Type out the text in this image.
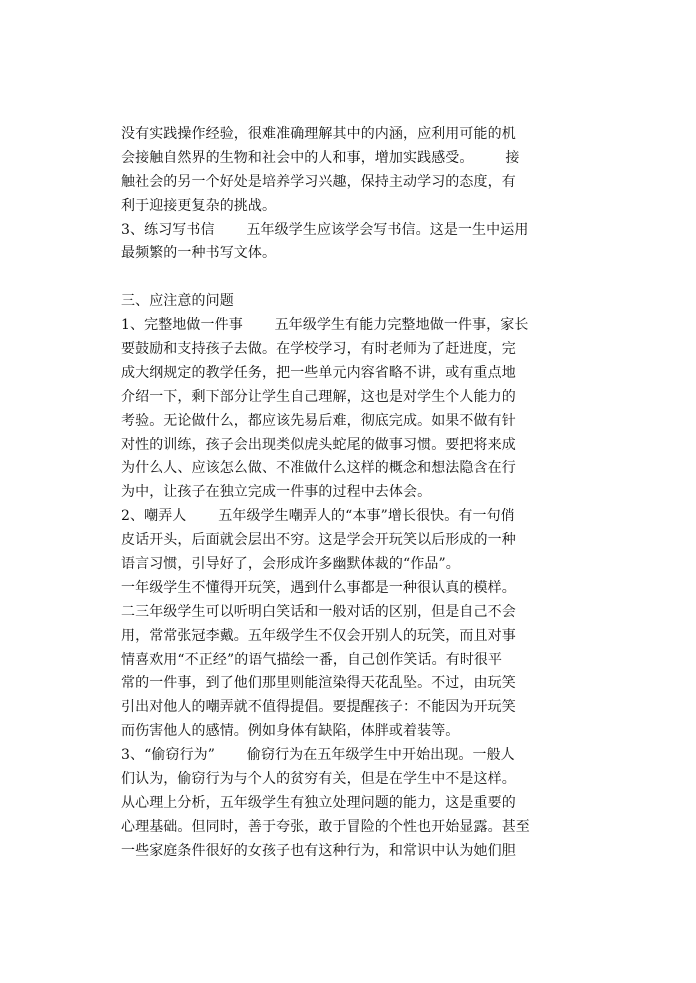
没有实践操作经验，很难准确理解其中的内涵，应利用可能的机
会接触自然界的生物和社会中的人和事，增加实践感受。       接
触社会的另一个好处是培养学习兴趣，保持主动学习的态度，有
利于迎接更复杂的挑战。
3、练习写书信       五年级学生应该学会写书信。这是一生中运用
最频繁的一种书写文体。
三、应注意的问题
1、完整地做一件事       五年级学生有能力完整地做一件事，家长
要鼓励和支持孩子去做。在学校学习，有时老师为了赶进度，完
成大纲规定的教学任务，把一些单元内容省略不讲，或有重点地
介绍一下，剩下部分让学生自己理解，这也是对学生个人能力的
考验。无论做什么，都应该先易后难，彻底完成。如果不做有针
对性的训练，孩子会出现类似虎头蛇尾的做事习惯。要把将来成
为什么人、应该怎么做、不准做什么这样的概念和想法隐含在行
为中，让孩子在独立完成一件事的过程中去体会。
2、嘲弄人       五年级学生嘲弄人的“本事”增长很快。有一句俏
皮话开头，后面就会层出不穷。这是学会开玩笑以后形成的一种
语言习惯，引导好了，会形成许多幽默体裁的“作品”。
一年级学生不懂得开玩笑，遇到什么事都是一种很认真的模样。
二三年级学生可以听明白笑话和一般对话的区别，但是自己不会
用，常常张冠李戴。五年级学生不仅会开别人的玩笑，而且对事
情喜欢用“不正经”的语气描绘一番，自己创作笑话。有时很平
常的一件事，到了他们那里则能渲染得天花乱坠。不过，由玩笑
引出对他人的嘲弄就不值得提倡。要提醒孩子：不能因为开玩笑
而伤害他人的感情。例如身体有缺陷，体胖或着装等。
3、“偷窃行为”       偷窃行为在五年级学生中开始出现。一般人
们认为，偷窃行为与个人的贫穷有关，但是在学生中不是这样。
从心理上分析，五年级学生有独立处理问题的能力，这是重要的
心理基础。但同时，善于夸张，敢于冒险的个性也开始显露。甚至
一些家庭条件很好的女孩子也有这种行为，和常识中认为她们胆
